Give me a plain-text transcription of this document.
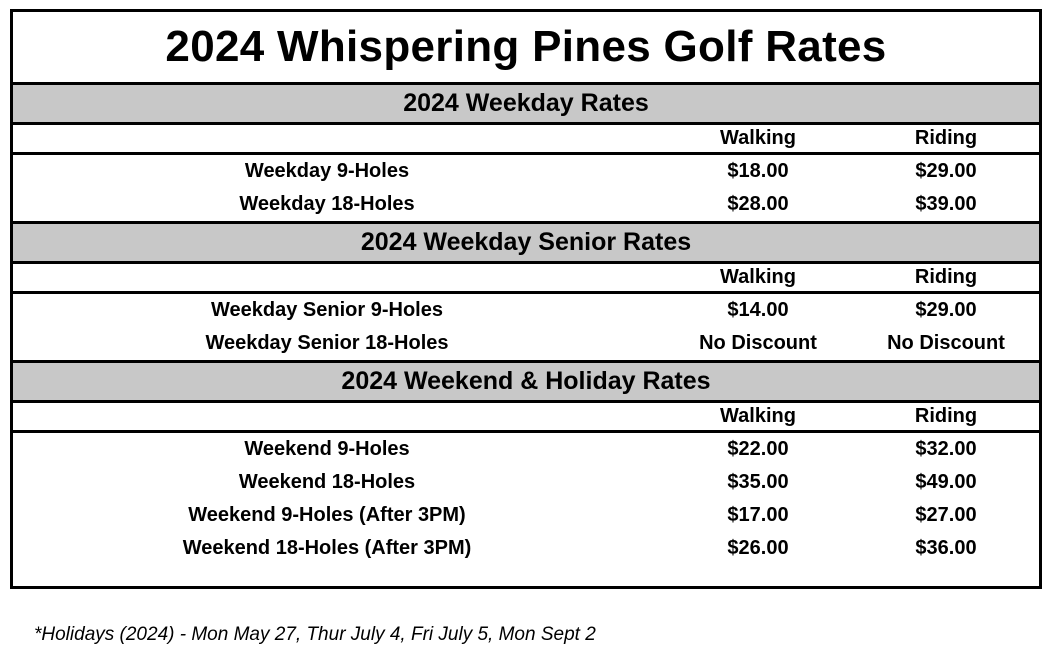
2024 Whispering Pines Golf Rates
2024 Weekday Rates
Walking	Riding
Weekday 9-Holes	$18.00	$29.00
Weekday 18-Holes	$28.00	$39.00
2024 Weekday Senior Rates
Walking	Riding
Weekday Senior 9-Holes	$14.00	$29.00
Weekday Senior 18-Holes	No Discount	No Discount
2024 Weekend & Holiday Rates
Walking	Riding
Weekend 9-Holes	$22.00	$32.00
Weekend 18-Holes	$35.00	$49.00
Weekend 9-Holes (After 3PM)	$17.00	$27.00
Weekend 18-Holes (After 3PM)	$26.00	$36.00
*Holidays (2024) - Mon May 27, Thur July 4, Fri July 5, Mon Sept 2
